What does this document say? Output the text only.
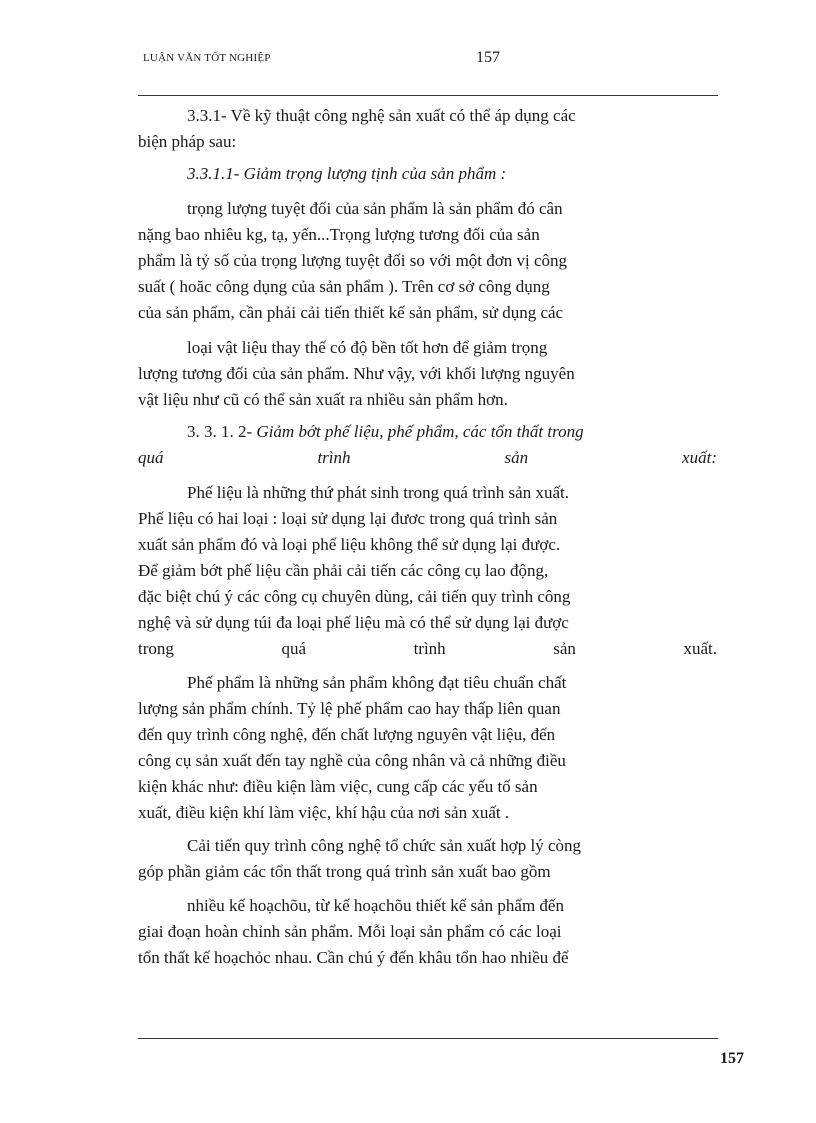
LUẬN VĂN TỐT NGHIỆP	157
3.3.1- Về kỹ thuật công nghệ sản xuất có thể áp dụng các
biện pháp sau:
3.3.1.1- Giảm trọng lượng tịnh của sản phẩm :
trọng lượng tuyệt đối của sản phẩm là sản phẩm đó cân
nặng bao nhiêu kg, tạ, yến...Trọng lượng tương đối của sản
phẩm là tỷ số của trọng lượng tuyệt đối so với một đơn vị công
suất ( hoăc công dụng của sản phẩm ). Trên cơ sở công dụng
của sản phẩm, cần phải cải tiến thiết kế sản phẩm, sử dụng các
loại vật liệu thay thế có độ bền tốt hơn để giảm trọng
lượng tương đối của sản phẩm. Như vậy, với khối lượng nguyên
vật liệu như cũ có thể sản xuất ra nhiều sản phẩm hơn.
3. 3. 1. 2- Giảm bớt phế liệu, phế phẩm, các tổn thất trong
quá	trình	sản	xuất:
Phế liệu là những thứ phát sinh trong quá trình sản xuất.
Phế liệu có hai loại : loại sử dụng lại đươc trong quá trình sản
xuất sản phẩm đó và loại phế liệu không thể sử dụng lại được.
Để giảm bớt phế liệu cần phải cải tiến các công cụ lao động,
đặc biệt chú ý các công cụ chuyên dùng, cải tiến quy trình công
nghệ và sử dụng túi đa loại phế liệu mà có thể sử dụng lại được
trong	quá	trình	sản	xuất.
Phế phẩm là những sản phẩm không đạt tiêu chuẩn chất
lượng sản phẩm chính. Tỷ lệ phế phẩm cao hay thấp liên quan
đến quy trình công nghệ, đến chất lượng nguyên vật liệu, đến
công cụ sản xuất đến tay nghề của công nhân và cả những điều
kiện khác như: điều kiện làm việc, cung cấp các yếu tố sản
xuất, điều kiện khí làm việc, khí hậu của nơi sản xuất .
Cải tiến quy trình công nghệ tổ chức sản xuất hợp lý còng
góp phần giảm các tổn thất trong quá trình sản xuất bao gồm
nhiều kế hoạchõu, từ kế hoạchõu thiết kế sản phẩm đến
giai đoạn hoàn chỉnh sản phẩm. Mỗi loại sản phẩm có các loại
tổn thất kế hoạchỏc nhau. Cần chú ý đến khâu tổn hao nhiều để
157
